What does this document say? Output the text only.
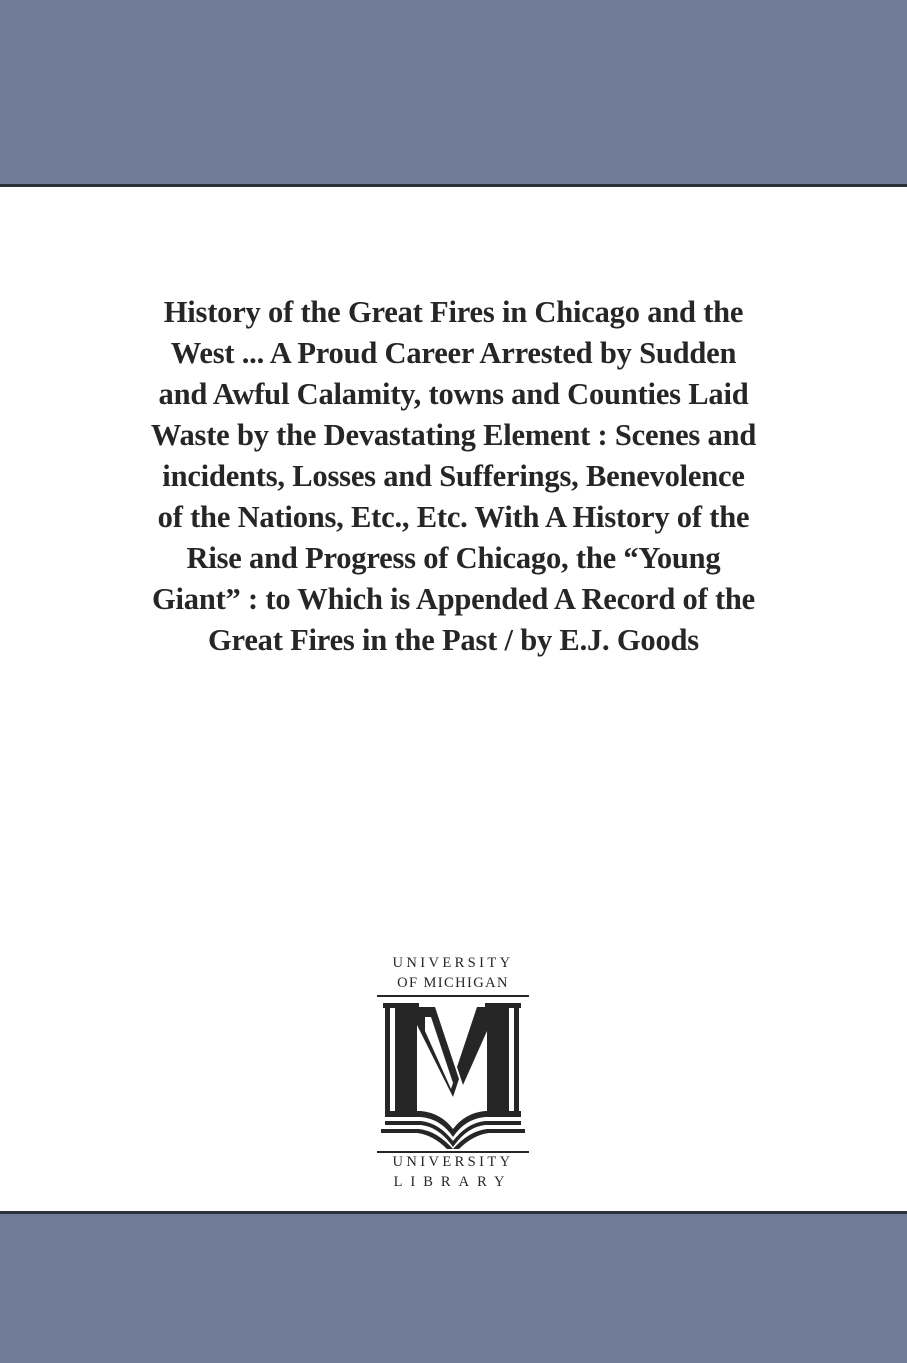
History of the Great Fires in Chicago and the West ... A Proud Career Arrested by Sudden and Awful Calamity, towns and Counties Laid Waste by the Devastating Element : Scenes and incidents, Losses and Sufferings, Benevolence of the Nations, Etc., Etc. With A History of the Rise and Progress of Chicago, the “Young Giant” : to Which is Appended A Record of the Great Fires in the Past / by E.J. Goods

UNIVERSITY
OF MICHIGAN
UNIVERSITY
LIBRARY
